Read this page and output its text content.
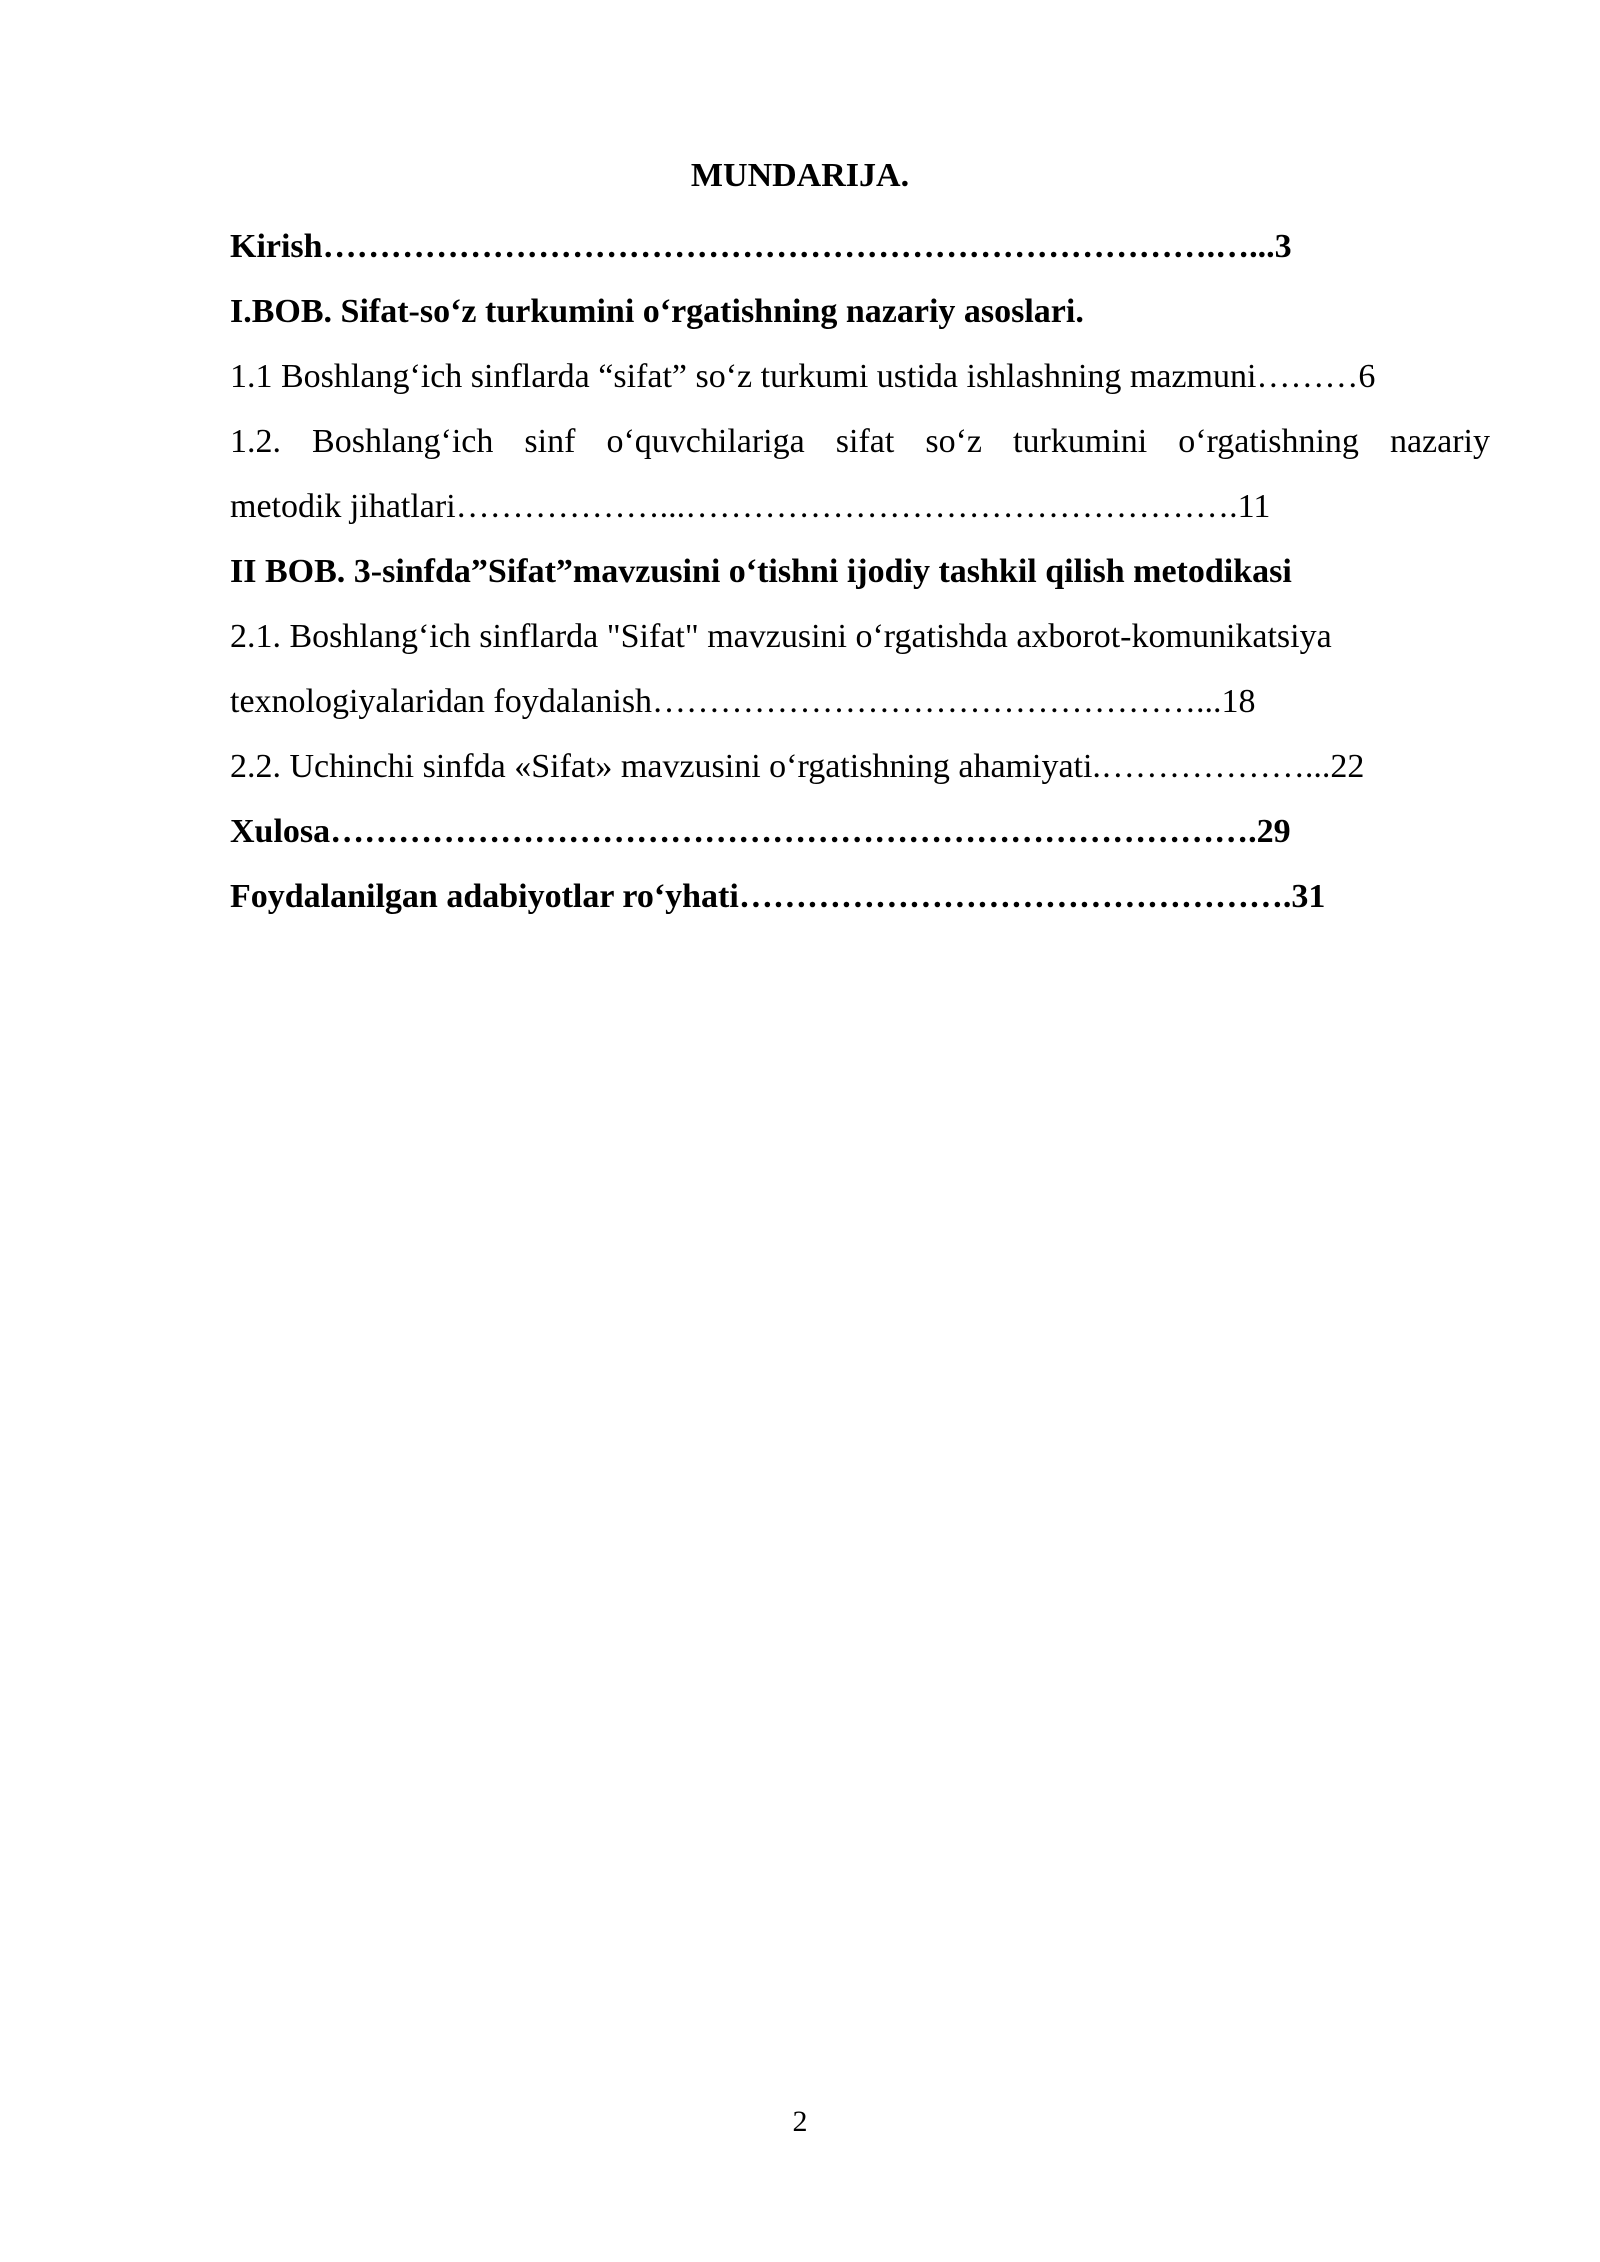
MUNDARIJA.
Kirish…………………………………………………………………….…...3
I.BOB. Sifat-so‘z turkumini o‘rgatishning nazariy asoslari.
1.1 Boshlang‘ich sinflarda “sifat” so‘z turkumi ustida ishlashning mazmuni………6
1.2. Boshlang‘ich sinf o‘quvchilariga sifat so‘z turkumini o‘rgatishning nazariy
metodik jihatlari………………...………………………………………….11
II BOB. 3-sinfda”Sifat”mavzusini o‘tishni ijodiy tashkil qilish metodikasi
2.1. Boshlang‘ich sinflarda "Sifat" mavzusini o‘rgatishda axborot-komunikatsiya
texnologiyalaridan foydalanish…………………………………………...18
2.2. Uchinchi sinfda «Sifat» mavzusini o‘rgatishning ahamiyati.………………...22
Xulosa……………………………………………………………………….29
Foydalanilgan adabiyotlar ro‘yhati………………………………………….31
2
